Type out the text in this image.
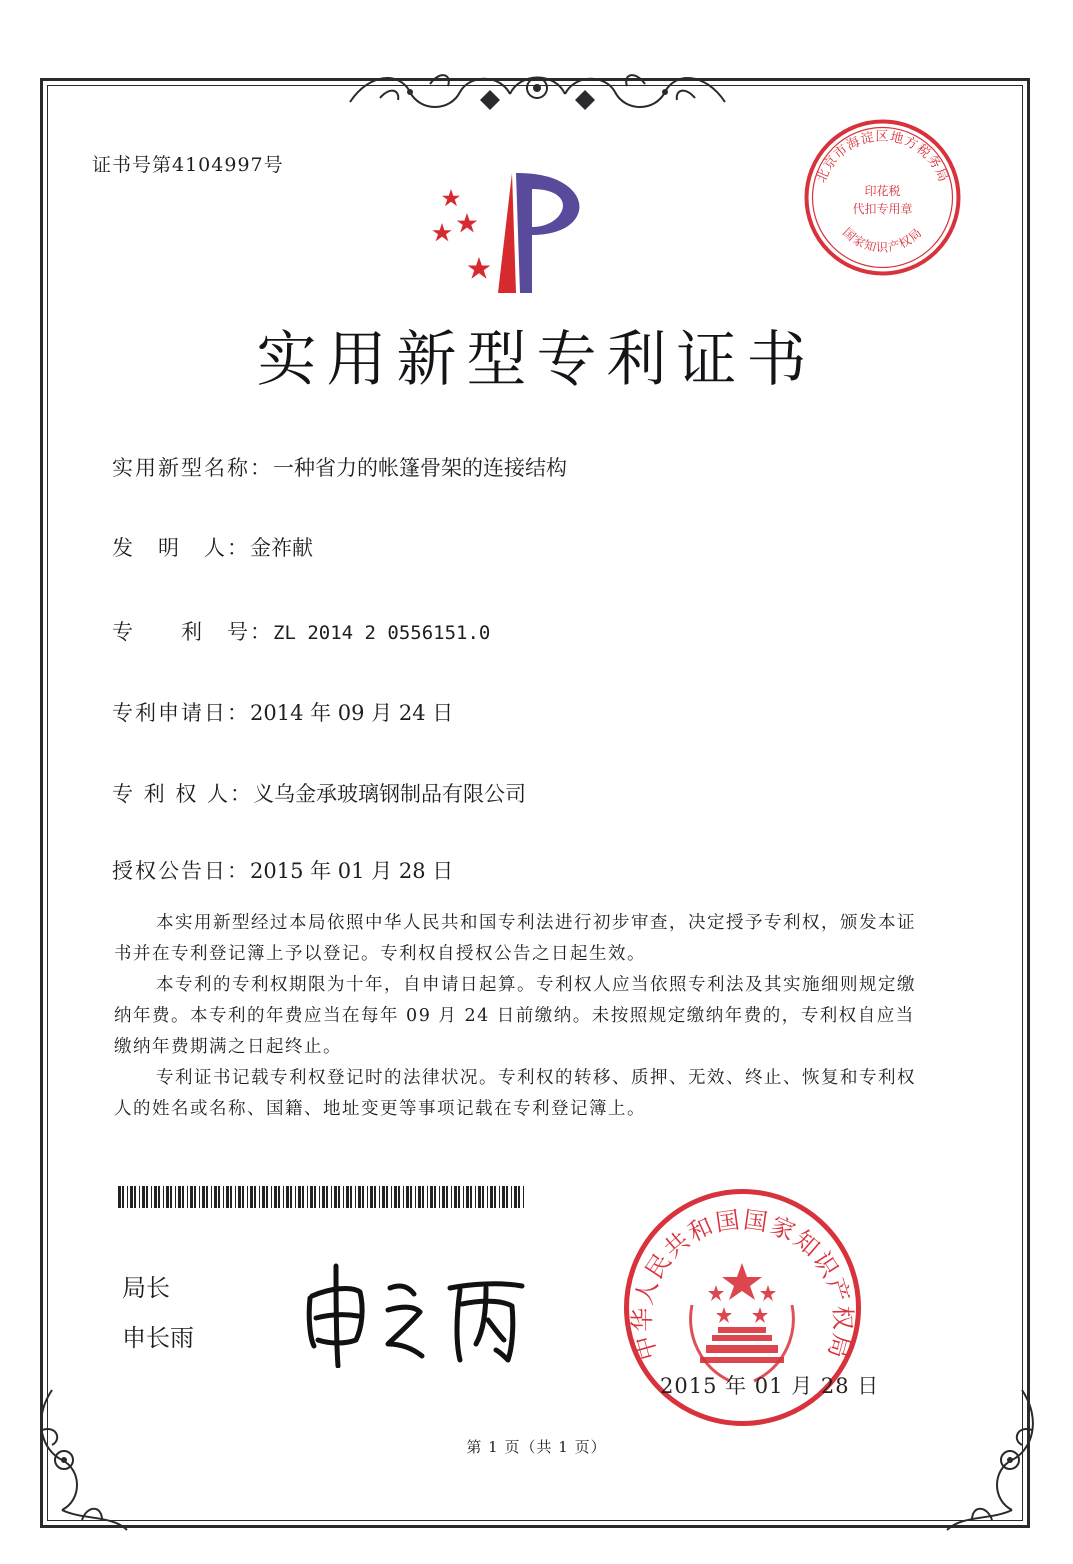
证书号第4104997号	北京市海淀区地方税务局
印花税
代扣专用章
国家知识产权局
实用新型专利证书
实用新型名称：一种省力的帐篷骨架的连接结构
发　明　人：金祚献
专　　利　号：ZL 2014 2 0556151.0
专利申请日：2014 年 09 月 24 日
专 利 权 人：义乌金承玻璃钢制品有限公司
授权公告日：2015 年 01 月 28 日

本实用新型经过本局依照中华人民共和国专利法进行初步审查，决定授予专利权，颁发本证书并在专利登记簿上予以登记。专利权自授权公告之日起生效。

本专利的专利权期限为十年，自申请日起算。专利权人应当依照专利法及其实施细则规定缴纳年费。本专利的年费应当在每年 09 月 24 日前缴纳。未按照规定缴纳年费的，专利权自应当缴纳年费期满之日起终止。

专利证书记载专利权登记时的法律状况。专利权的转移、质押、无效、终止、恢复和专利权人的姓名或名称、国籍、地址变更等事项记载在专利登记簿上。

局长
申长雨	中华人民共和国国家知识产权局
2015 年 01 月 28 日
第 1 页（共 1 页）
